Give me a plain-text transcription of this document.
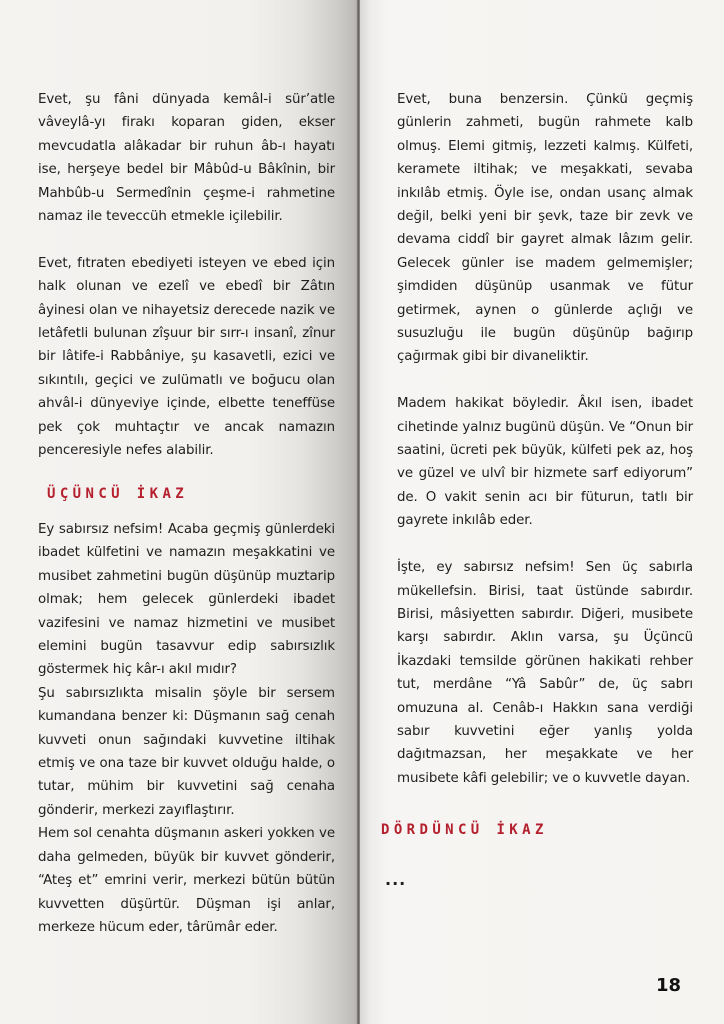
Evet, şu fâni dünyada kemâl-i sür’atle vâveylâ-yı firakı koparan giden, ekser mevcudatla alâkadar bir ruhun âb-ı hayatı ise, herşeye bedel bir Mâbûd-u Bâkînin, bir Mahbûb-u Sermedînin çeşme-i rahmetine namaz ile teveccüh etmekle içilebilir.

Evet, fıtraten ebediyeti isteyen ve ebed için halk olunan ve ezelî ve ebedî bir Zâtın âyinesi olan ve nihayetsiz derecede nazik ve letâfetli bulunan zîşuur bir sırr-ı insanî, zînur bir lâtife-i Rabbâniye, şu kasavetli, ezici ve sıkıntılı, geçici ve zulümatlı ve boğucu olan ahvâl-i dünyeviye içinde, elbette teneffüse pek çok muhtaçtır ve ancak namazın penceresiyle nefes alabilir.

ÜÇÜNCÜ İKAZ

Ey sabırsız nefsim! Acaba geçmiş günlerdeki ibadet külfetini ve namazın meşakkatini ve musibet zahmetini bugün düşünüp muztarip olmak; hem gelecek günlerdeki ibadet vazifesini ve namaz hizmetini ve musibet elemini bugün tasavvur edip sabırsızlık göstermek hiç kâr-ı akıl mıdır?

Şu sabırsızlıkta misalin şöyle bir sersem kumandana benzer ki: Düşmanın sağ cenah kuvveti onun sağındaki kuvvetine iltihak etmiş ve ona taze bir kuvvet olduğu halde, o tutar, mühim bir kuvvetini sağ cenaha gönderir, merkezi zayıflaştırır.

Hem sol cenahta düşmanın askeri yokken ve daha gelmeden, büyük bir kuvvet gönderir, “Ateş et” emrini verir, merkezi bütün bütün kuvvetten düşürtür. Düşman işi anlar, merkeze hücum eder, târümâr eder.

Evet, buna benzersin. Çünkü geçmiş günlerin zahmeti, bugün rahmete kalb olmuş. Elemi gitmiş, lezzeti kalmış. Külfeti, keramete iltihak; ve meşakkati, sevaba inkılâb etmiş. Öyle ise, ondan usanç almak değil, belki yeni bir şevk, taze bir zevk ve devama ciddî bir gayret almak lâzım gelir. Gelecek günler ise madem gelmemişler; şimdiden düşünüp usanmak ve fütur getirmek, aynen o günlerde açlığı ve susuzluğu ile bugün düşünüp bağırıp çağırmak gibi bir divaneliktir.

Madem hakikat böyledir. Âkıl isen, ibadet cihetinde yalnız bugünü düşün. Ve “Onun bir saatini, ücreti pek büyük, külfeti pek az, hoş ve güzel ve ulvî bir hizmete sarf ediyorum” de. O vakit senin acı bir füturun, tatlı bir gayrete inkılâb eder.

İşte, ey sabırsız nefsim! Sen üç sabırla mükellefsin. Birisi, taat üstünde sabırdır. Birisi, mâsiyetten sabırdır. Diğeri, musibete karşı sabırdır. Aklın varsa, şu Üçüncü İkazdaki temsilde görünen hakikati rehber tut, merdâne “Yâ Sabûr” de, üç sabrı omuzuna al. Cenâb-ı Hakkın sana verdiği sabır kuvvetini eğer yanlış yolda dağıtmazsan, her meşakkate ve her musibete kâfi gelebilir; ve o kuvvetle dayan.

DÖRDÜNCÜ İKAZ
...
18
